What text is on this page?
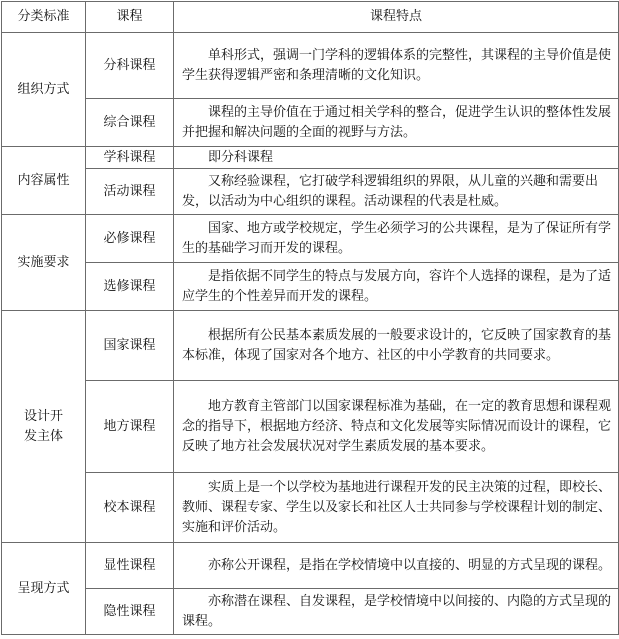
分类标准	课程	课程特点
组织方式	分科课程	单科形式，强调一门学科的逻辑体系的完整性，其课程的主导价值是使学生获得逻辑严密和条理清晰的文化知识。
	综合课程	课程的主导价值在于通过相关学科的整合，促进学生认识的整体性发展并把握和解决问题的全面的视野与方法。
内容属性	学科课程	即分科课程
	活动课程	又称经验课程，它打破学科逻辑组织的界限，从儿童的兴趣和需要出发，以活动为中心组织的课程。活动课程的代表是杜威。
实施要求	必修课程	国家、地方或学校规定，学生必须学习的公共课程，是为了保证所有学生的基础学习而开发的课程。
	选修课程	是指依据不同学生的特点与发展方向，容许个人选择的课程，是为了适应学生的个性差异而开发的课程。
设计开发主体	国家课程	根据所有公民基本素质发展的一般要求设计的，它反映了国家教育的基本标准，体现了国家对各个地方、社区的中小学教育的共同要求。
	地方课程	地方教育主管部门以国家课程标准为基础，在一定的教育思想和课程观念的指导下，根据地方经济、特点和文化发展等实际情况而设计的课程，它反映了地方社会发展状况对学生素质发展的基本要求。
	校本课程	实质上是一个以学校为基地进行课程开发的民主决策的过程，即校长、教师、课程专家、学生以及家长和社区人士共同参与学校课程计划的制定、实施和评价活动。
呈现方式	显性课程	亦称公开课程，是指在学校情境中以直接的、明显的方式呈现的课程。
	隐性课程	亦称潜在课程、自发课程，是学校情境中以间接的、内隐的方式呈现的课程。
